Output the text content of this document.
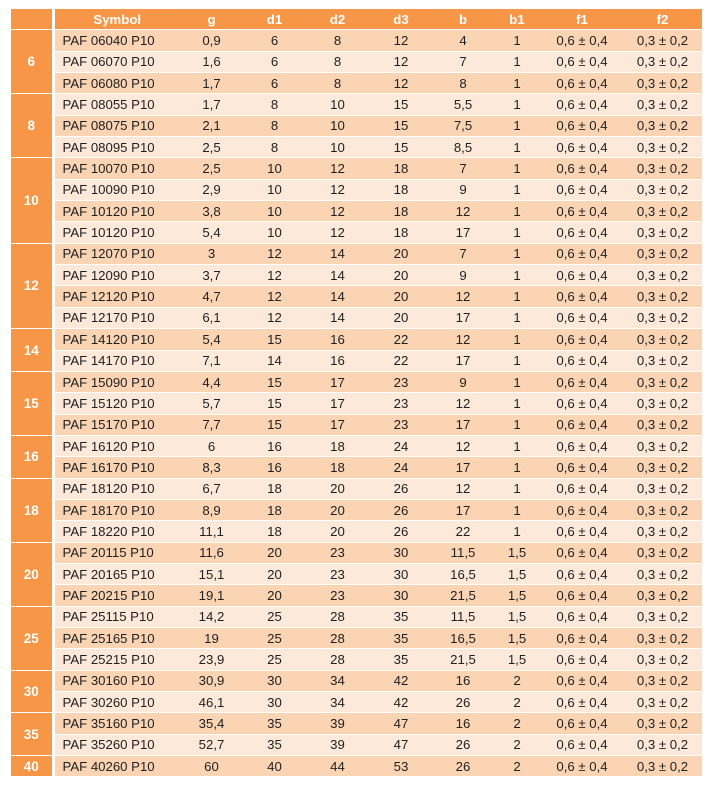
	Symbol	g	d1	d2	d3	b	b1	f1	f2
6	PAF 06040 P10	0,9	6	8	12	4	1	0,6 ± 0,4	0,3 ± 0,2
	PAF 06070 P10	1,6	6	8	12	7	1	0,6 ± 0,4	0,3 ± 0,2
	PAF 06080 P10	1,7	6	8	12	8	1	0,6 ± 0,4	0,3 ± 0,2
8	PAF 08055 P10	1,7	8	10	15	5,5	1	0,6 ± 0,4	0,3 ± 0,2
	PAF 08075 P10	2,1	8	10	15	7,5	1	0,6 ± 0,4	0,3 ± 0,2
	PAF 08095 P10	2,5	8	10	15	8,5	1	0,6 ± 0,4	0,3 ± 0,2
10	PAF 10070 P10	2,5	10	12	18	7	1	0,6 ± 0,4	0,3 ± 0,2
	PAF 10090 P10	2,9	10	12	18	9	1	0,6 ± 0,4	0,3 ± 0,2
	PAF 10120 P10	3,8	10	12	18	12	1	0,6 ± 0,4	0,3 ± 0,2
	PAF 10120 P10	5,4	10	12	18	17	1	0,6 ± 0,4	0,3 ± 0,2
12	PAF 12070 P10	3	12	14	20	7	1	0,6 ± 0,4	0,3 ± 0,2
	PAF 12090 P10	3,7	12	14	20	9	1	0,6 ± 0,4	0,3 ± 0,2
	PAF 12120 P10	4,7	12	14	20	12	1	0,6 ± 0,4	0,3 ± 0,2
	PAF 12170 P10	6,1	12	14	20	17	1	0,6 ± 0,4	0,3 ± 0,2
14	PAF 14120 P10	5,4	15	16	22	12	1	0,6 ± 0,4	0,3 ± 0,2
	PAF 14170 P10	7,1	14	16	22	17	1	0,6 ± 0,4	0,3 ± 0,2
15	PAF 15090 P10	4,4	15	17	23	9	1	0,6 ± 0,4	0,3 ± 0,2
	PAF 15120 P10	5,7	15	17	23	12	1	0,6 ± 0,4	0,3 ± 0,2
	PAF 15170 P10	7,7	15	17	23	17	1	0,6 ± 0,4	0,3 ± 0,2
16	PAF 16120 P10	6	16	18	24	12	1	0,6 ± 0,4	0,3 ± 0,2
	PAF 16170 P10	8,3	16	18	24	17	1	0,6 ± 0,4	0,3 ± 0,2
18	PAF 18120 P10	6,7	18	20	26	12	1	0,6 ± 0,4	0,3 ± 0,2
	PAF 18170 P10	8,9	18	20	26	17	1	0,6 ± 0,4	0,3 ± 0,2
	PAF 18220 P10	11,1	18	20	26	22	1	0,6 ± 0,4	0,3 ± 0,2
20	PAF 20115 P10	11,6	20	23	30	11,5	1,5	0,6 ± 0,4	0,3 ± 0,2
	PAF 20165 P10	15,1	20	23	30	16,5	1,5	0,6 ± 0,4	0,3 ± 0,2
	PAF 20215 P10	19,1	20	23	30	21,5	1,5	0,6 ± 0,4	0,3 ± 0,2
25	PAF 25115 P10	14,2	25	28	35	11,5	1,5	0,6 ± 0,4	0,3 ± 0,2
	PAF 25165 P10	19	25	28	35	16,5	1,5	0,6 ± 0,4	0,3 ± 0,2
	PAF 25215 P10	23,9	25	28	35	21,5	1,5	0,6 ± 0,4	0,3 ± 0,2
30	PAF 30160 P10	30,9	30	34	42	16	2	0,6 ± 0,4	0,3 ± 0,2
	PAF 30260 P10	46,1	30	34	42	26	2	0,6 ± 0,4	0,3 ± 0,2
35	PAF 35160 P10	35,4	35	39	47	16	2	0,6 ± 0,4	0,3 ± 0,2
	PAF 35260 P10	52,7	35	39	47	26	2	0,6 ± 0,4	0,3 ± 0,2
40	PAF 40260 P10	60	40	44	53	26	2	0,6 ± 0,4	0,3 ± 0,2
